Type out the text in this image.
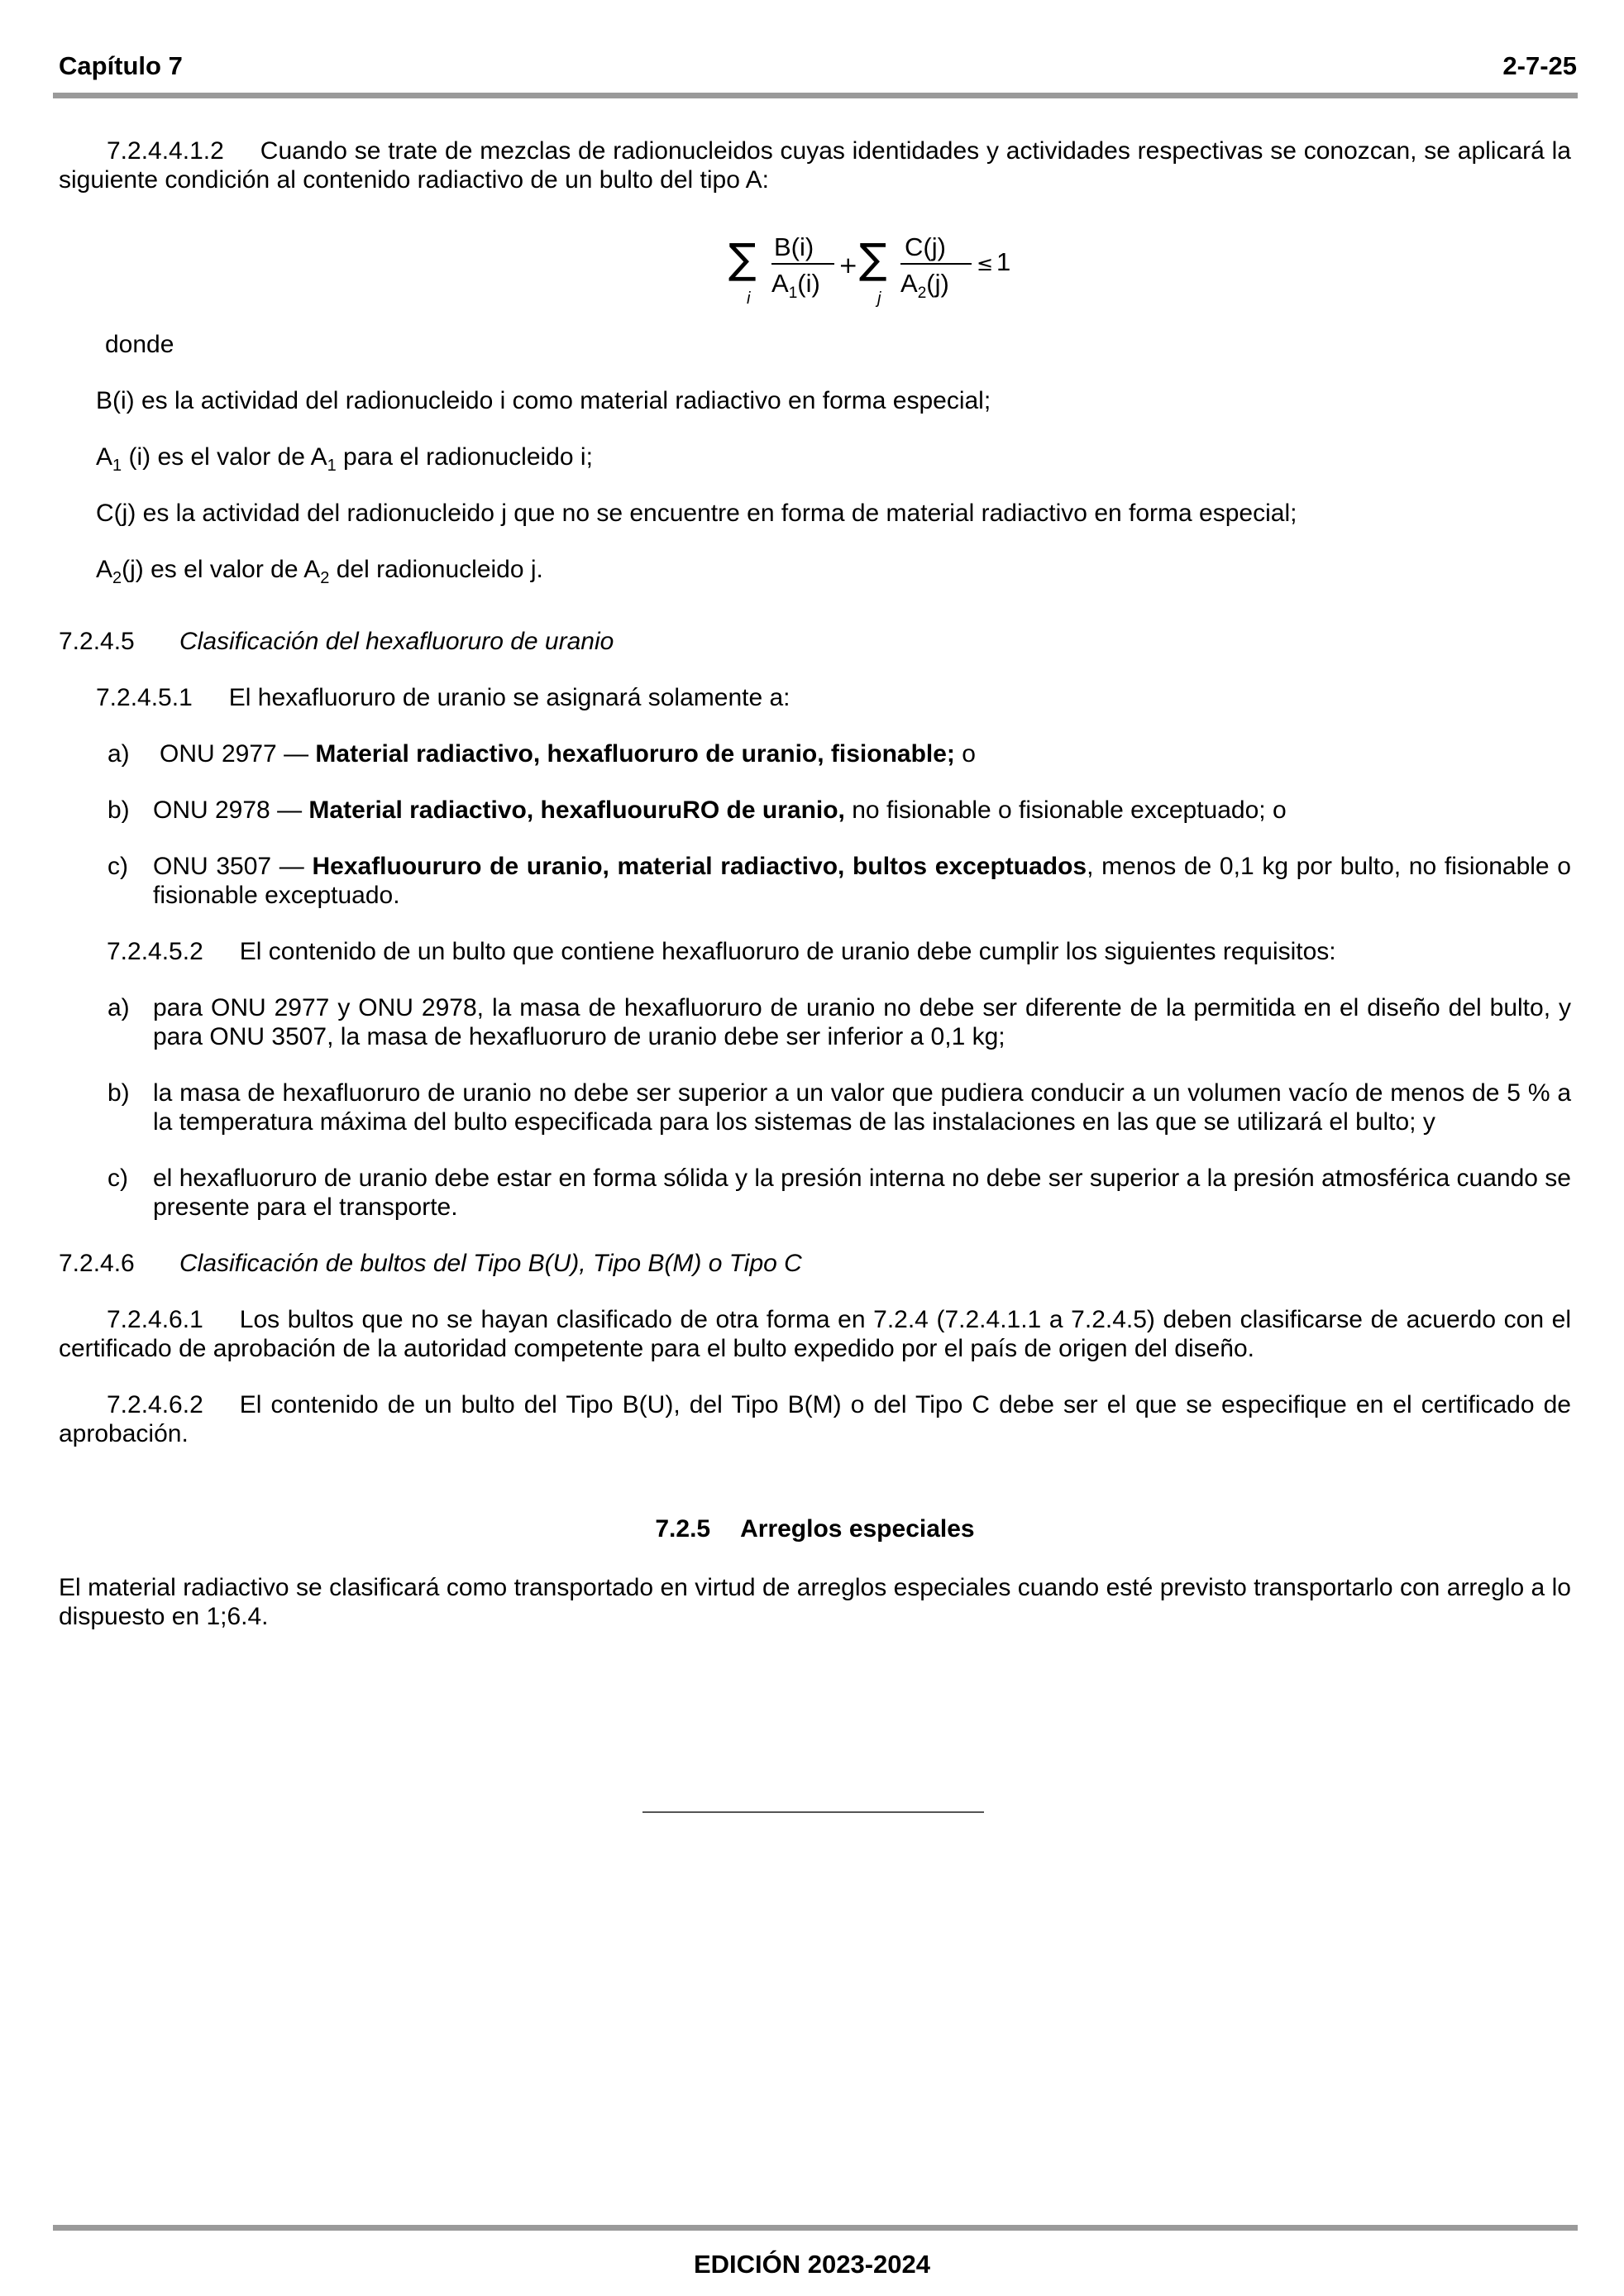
Capítulo 7	2-7-25

7.2.4.4.1.2 Cuando se trate de mezclas de radionucleidos cuyas identidades y actividades respectivas se conozcan, se aplicará la siguiente condición al contenido radiactivo de un bulto del tipo A:

∑
i
B(i)
$A_1(i)$
+ ∑
j
C(j)
$A_2(j)$
≤ 1

donde

B(i) es la actividad del radionucleido i como material radiactivo en forma especial;

$A_1$ (i) es el valor de $A_1$ para el radionucleido i;

C(j) es la actividad del radionucleido j que no se encuentre en forma de material radiactivo en forma especial;

$A_2(j)$ es el valor de $A_2$ del radionucleido j.

7.2.4.5 Clasificación del hexafluoruro de uranio

7.2.4.5.1 El hexafluoruro de uranio se asignará solamente a:

a) ONU 2977 — Material radiactivo, hexafluoruro de uranio, fisionable; o

b) ONU 2978 — Material radiactivo, hexafluouruRO de uranio, no fisionable o fisionable exceptuado; o

c) ONU 3507 — Hexafluoururo de uranio, material radiactivo, bultos exceptuados, menos de 0,1 kg por bulto, no fisionable o fisionable exceptuado.

7.2.4.5.2 El contenido de un bulto que contiene hexafluoruro de uranio debe cumplir los siguientes requisitos:

a) para ONU 2977 y ONU 2978, la masa de hexafluoruro de uranio no debe ser diferente de la permitida en el diseño del bulto, y para ONU 3507, la masa de hexafluoruro de uranio debe ser inferior a 0,1 kg;

b) la masa de hexafluoruro de uranio no debe ser superior a un valor que pudiera conducir a un volumen vacío de menos de 5 % a la temperatura máxima del bulto especificada para los sistemas de las instalaciones en las que se utilizará el bulto; y

c) el hexafluoruro de uranio debe estar en forma sólida y la presión interna no debe ser superior a la presión atmosférica cuando se presente para el transporte.

7.2.4.6 Clasificación de bultos del Tipo B(U), Tipo B(M) o Tipo C

7.2.4.6.1 Los bultos que no se hayan clasificado de otra forma en 7.2.4 (7.2.4.1.1 a 7.2.4.5) deben clasificarse de acuerdo con el certificado de aprobación de la autoridad competente para el bulto expedido por el país de origen del diseño.

7.2.4.6.2 El contenido de un bulto del Tipo B(U), del Tipo B(M) o del Tipo C debe ser el que se especifique en el certificado de aprobación.

7.2.5 Arreglos especiales

El material radiactivo se clasificará como transportado en virtud de arreglos especiales cuando esté previsto transportarlo con arreglo a lo dispuesto en 1;6.4.

EDICIÓN 2023-2024
